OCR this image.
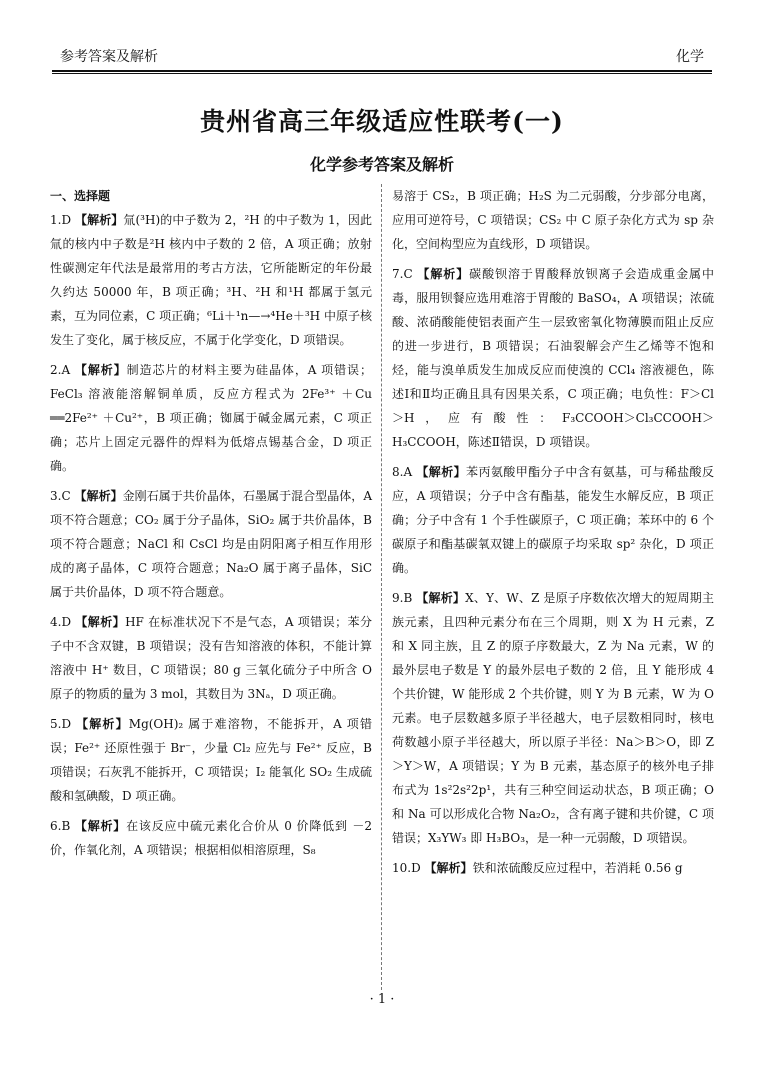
参考答案及解析	化学
贵州省高三年级适应性联考(一)
化学参考答案及解析

一、选择题

1.D 【解析】氚(³H)的中子数为 2，²H 的中子数为 1，因此氚的核内中子数是²H 核内中子数的 2 倍，A 项正确；放射性碳测定年代法是最常用的考古方法，它所能断定的年份最久约达 50000 年，B 项正确；³H、²H 和¹H 都属于氢元素，互为同位素，C 项正确；⁶Li＋¹n—→⁴He＋³H 中原子核发生了变化，属于核反应，不属于化学变化，D 项错误。

2.A 【解析】制造芯片的材料主要为硅晶体，A 项错误；FeCl₃ 溶液能溶解铜单质，反应方程式为 2Fe³⁺ ＋Cu ══2Fe²⁺ ＋Cu²⁺，B 项正确；铷属于碱金属元素，C 项正确；芯片上固定元器件的焊料为低熔点锡基合金，D 项正确。

3.C 【解析】金刚石属于共价晶体，石墨属于混合型晶体，A 项不符合题意；CO₂ 属于分子晶体，SiO₂ 属于共价晶体，B 项不符合题意；NaCl 和 CsCl 均是由阴阳离子相互作用形成的离子晶体，C 项符合题意；Na₂O 属于离子晶体，SiC 属于共价晶体，D 项不符合题意。

4.D 【解析】HF 在标准状况下不是气态，A 项错误；苯分子中不含双键，B 项错误；没有告知溶液的体积，不能计算溶液中 H⁺ 数目，C 项错误；80 g 三氧化硫分子中所含 O 原子的物质的量为 3 mol，其数目为 3Nₐ，D 项正确。

5.D 【解析】Mg(OH)₂ 属于难溶物，不能拆开，A 项错误；Fe²⁺ 还原性强于 Br⁻，少量 Cl₂ 应先与 Fe²⁺ 反应，B 项错误；石灰乳不能拆开，C 项错误；I₂ 能氧化 SO₂ 生成硫酸和氢碘酸，D 项正确。

6.B 【解析】在该反应中硫元素化合价从 0 价降低到 －2 价，作氧化剂，A 项错误；根据相似相溶原理，S₈

易溶于 CS₂，B 项正确；H₂S 为二元弱酸，分步部分电离，应用可逆符号，C 项错误；CS₂ 中 C 原子杂化方式为 sp 杂化，空间构型应为直线形，D 项错误。

7.C 【解析】碳酸钡溶于胃酸释放钡离子会造成重金属中毒，服用钡餐应选用难溶于胃酸的 BaSO₄，A 项错误；浓硫酸、浓硝酸能使铝表面产生一层致密氧化物薄膜而阻止反应的进一步进行，B 项错误；石油裂解会产生乙烯等不饱和烃，能与溴单质发生加成反应而使溴的 CCl₄ 溶液褪色，陈述Ⅰ和Ⅱ均正确且具有因果关系，C 项正确；电负性：F＞Cl＞H，应有酸性：F₃CCOOH＞Cl₃CCOOH＞H₃CCOOH，陈述Ⅱ错误，D 项错误。

8.A 【解析】苯丙氨酸甲酯分子中含有氨基，可与稀盐酸反应，A 项错误；分子中含有酯基，能发生水解反应，B 项正确；分子中含有 1 个手性碳原子，C 项正确；苯环中的 6 个碳原子和酯基碳氧双键上的碳原子均采取 sp² 杂化，D 项正确。

9.B 【解析】X、Y、W、Z 是原子序数依次增大的短周期主族元素，且四种元素分布在三个周期，则 X 为 H 元素，Z 和 X 同主族，且 Z 的原子序数最大，Z 为 Na 元素，W 的最外层电子数是 Y 的最外层电子数的 2 倍，且 Y 能形成 4 个共价键，W 能形成 2 个共价键，则 Y 为 B 元素，W 为 O 元素。电子层数越多原子半径越大，电子层数相同时，核电荷数越小原子半径越大，所以原子半径：Na＞B＞O，即 Z＞Y＞W，A 项错误；Y 为 B 元素，基态原子的核外电子排布式为 1s²2s²2p¹，共有三种空间运动状态，B 项正确；O 和 Na 可以形成化合物 Na₂O₂，含有离子键和共价键，C 项错误；X₃YW₃ 即 H₃BO₃，是一种一元弱酸，D 项错误。

10.D 【解析】铁和浓硫酸反应过程中，若消耗 0.56 g

· 1 ·
